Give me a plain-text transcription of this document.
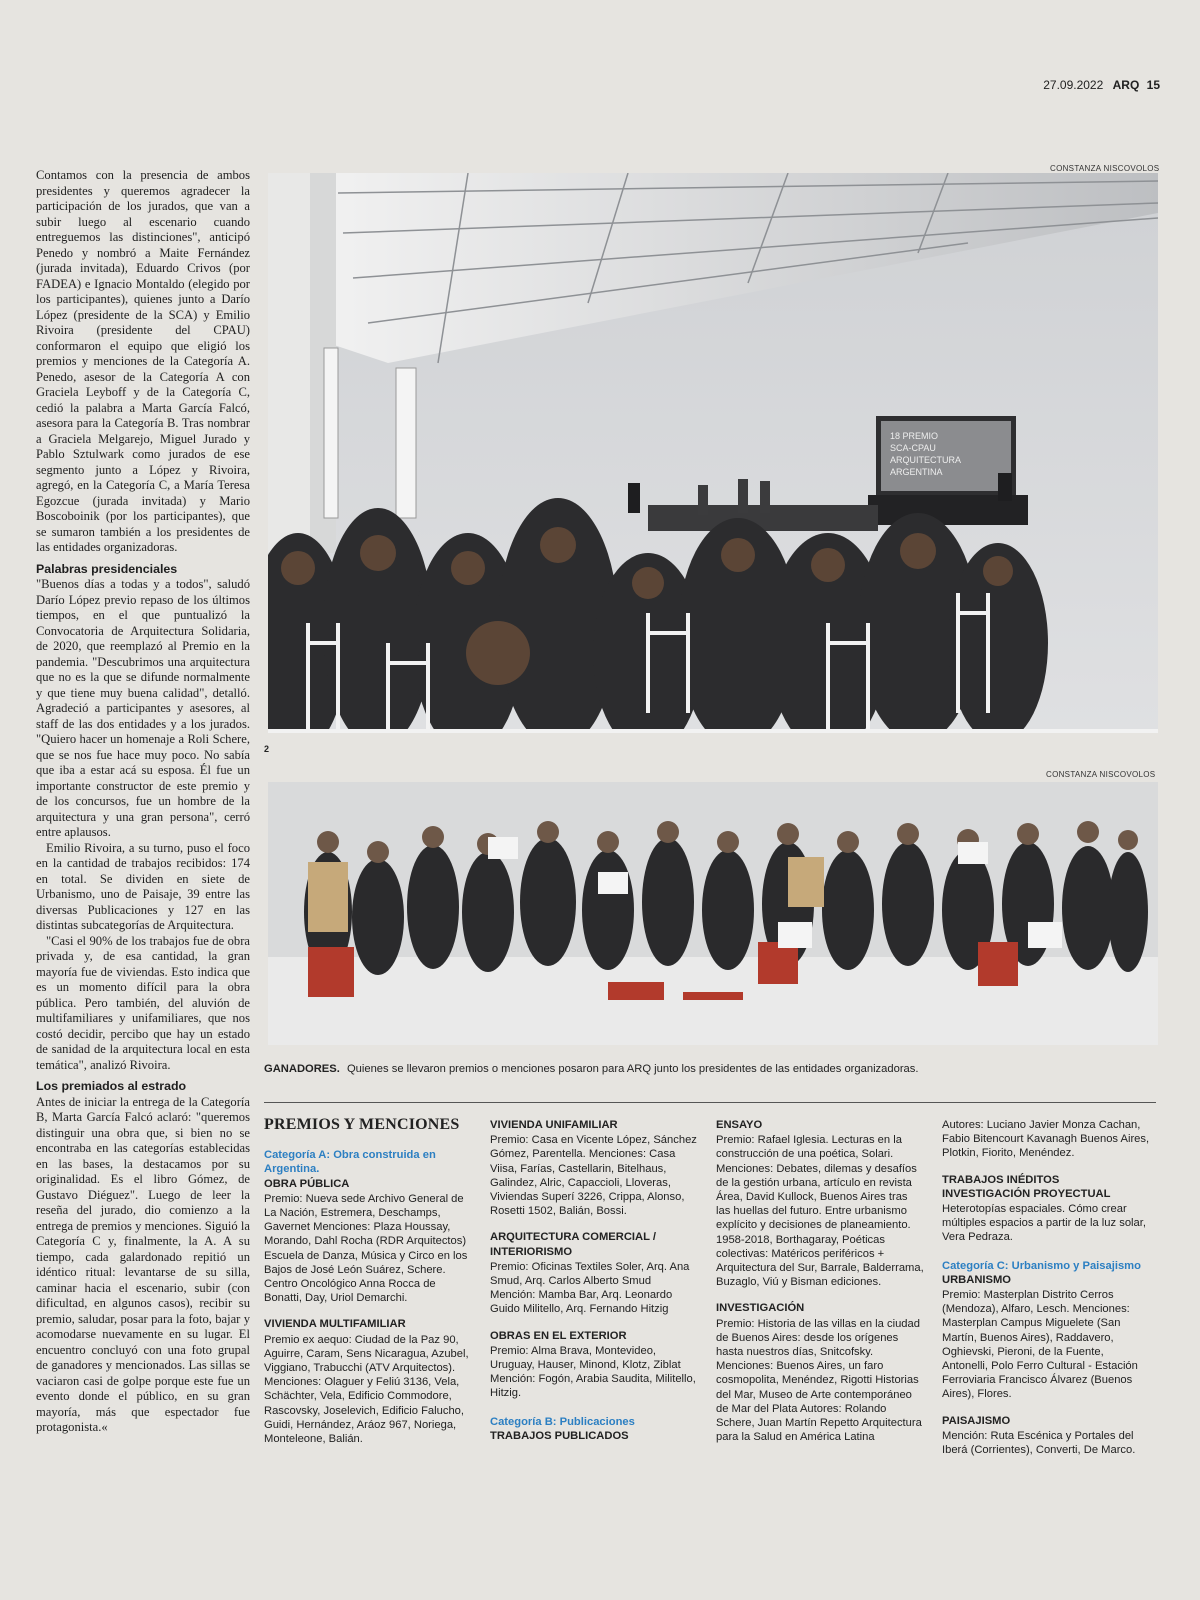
27.09.2022 ARQ 15

Contamos con la presencia de ambos presidentes y queremos agradecer la participación de los jurados, que van a subir luego al escenario cuando entreguemos las distinciones", anticipó Penedo y nombró a Maite Fernández (jurada invitada), Eduardo Crivos (por FADEA) e Ignacio Montaldo (elegido por los participantes), quienes junto a Darío López (presidente de la SCA) y Emilio Rivoira (presidente del CPAU) conformaron el equipo que eligió los premios y menciones de la Categoría A. Penedo, asesor de la Categoría A con Graciela Leyboff y de la Categoría C, cedió la palabra a Marta García Falcó, asesora para la Categoría B. Tras nombrar a Graciela Melgarejo, Miguel Jurado y Pablo Sztulwark como jurados de ese segmento junto a López y Rivoira, agregó, en la Categoría C, a María Teresa Egozcue (jurada invitada) y Mario Boscoboinik (por los participantes), que se sumaron también a los presidentes de las entidades organizadoras.

Palabras presidenciales

"Buenos días a todas y a todos", saludó Darío López previo repaso de los últimos tiempos, en el que puntualizó la Convocatoria de Arquitectura Solidaria, de 2020, que reemplazó al Premio en la pandemia. "Descubrimos una arquitectura que no es la que se difunde normalmente y que tiene muy buena calidad", detalló. Agradeció a participantes y asesores, al staff de las dos entidades y a los jurados. "Quiero hacer un homenaje a Roli Schere, que se nos fue hace muy poco. No sabía que iba a estar acá su esposa. Él fue un importante constructor de este premio y de los concursos, fue un hombre de la arquitectura y una gran persona", cerró entre aplausos.

Emilio Rivoira, a su turno, puso el foco en la cantidad de trabajos recibidos: 174 en total. Se dividen en siete de Urbanismo, uno de Paisaje, 39 entre las diversas Publicaciones y 127 en las distintas subcategorías de Arquitectura.

"Casi el 90% de los trabajos fue de obra privada y, de esa cantidad, la gran mayoría fue de viviendas. Esto indica que es un momento difícil para la obra pública. Pero también, del aluvión de multifamiliares y unifamiliares, que nos costó decidir, percibo que hay un estado de sanidad de la arquitectura local en esta temática", analizó Rivoira.

Los premiados al estrado

Antes de iniciar la entrega de la Categoría B, Marta García Falcó aclaró: "queremos distinguir una obra que, si bien no se encontraba en las categorías establecidas en las bases, la destacamos por su originalidad. Es el libro Gómez, de Gustavo Diéguez". Luego de leer la reseña del jurado, dio comienzo a la entrega de premios y menciones. Siguió la Categoría C y, finalmente, la A. A su tiempo, cada galardonado repitió un idéntico ritual: levantarse de su silla, caminar hacia el escenario, subir (con dificultad, en algunos casos), recibir su premio, saludar, posar para la foto, bajar y acomodarse nuevamente en su lugar. El encuentro concluyó con una foto grupal de ganadores y mencionados. Las sillas se vaciaron casi de golpe porque este fue un evento donde el público, en su gran mayoría, más que espectador fue protagonista.«

CONSTANZA NISCOVOLOS
18 PREMIO
SCA-CPAU
ARQUITECTURA
ARGENTINA
2
CONSTANZA NISCOVOLOS
GANADORES. Quienes se llevaron premios o menciones posaron para ARQ junto los presidentes de las entidades organizadoras.
PREMIOS Y MENCIONES
Categoría A: Obra construida en Argentina.
OBRA PÚBLICA

Premio: Nueva sede Archivo General de La Nación, Estremera, Deschamps, Gavernet Menciones: Plaza Houssay, Morando, Dahl Rocha (RDR Arquitectos) Escuela de Danza, Música y Circo en los Bajos de José León Suárez, Schere. Centro Oncológico Anna Rocca de Bonatti, Day, Uriol Demarchi.

VIVIENDA MULTIFAMILIAR

Premio ex aequo: Ciudad de la Paz 90, Aguirre, Caram, Sens Nicaragua, Azubel, Viggiano, Trabucchi (ATV Arquitectos). Menciones: Olaguer y Feliú 3136, Vela, Schächter, Vela, Edificio Commodore, Rascovsky, Joselevich, Edificio Falucho, Guidi, Hernández, Aráoz 967, Noriega, Monteleone, Balián.

VIVIENDA UNIFAMILIAR

Premio: Casa en Vicente López, Sánchez Gómez, Parentella. Menciones: Casa Viisa, Farías, Castellarin, Bitelhaus, Galindez, Alric, Capaccioli, Lloveras, Viviendas Superí 3226, Crippa, Alonso, Rosetti 1502, Balián, Bossi.

ARQUITECTURA COMERCIAL / INTERIORISMO

Premio: Oficinas Textiles Soler, Arq. Ana Smud, Arq. Carlos Alberto Smud Mención: Mamba Bar, Arq. Leonardo Guido Militello, Arq. Fernando Hitzig

OBRAS EN EL EXTERIOR

Premio: Alma Brava, Montevideo, Uruguay, Hauser, Minond, Klotz, Ziblat Mención: Fogón, Arabia Saudita, Militello, Hitzig.

Categoría B: Publicaciones
TRABAJOS PUBLICADOS
ENSAYO

Premio: Rafael Iglesia. Lecturas en la construcción de una poética, Solari. Menciones: Debates, dilemas y desafíos de la gestión urbana, artículo en revista Área, David Kullock, Buenos Aires tras las huellas del futuro. Entre urbanismo explícito y decisiones de planeamiento. 1958-2018, Borthagaray, Poéticas colectivas: Matéricos periféricos + Arquitectura del Sur, Barrale, Balderrama, Buzaglo, Viú y Bisman ediciones.

INVESTIGACIÓN

Premio: Historia de las villas en la ciudad de Buenos Aires: desde los orígenes hasta nuestros días, Snitcofsky. Menciones: Buenos Aires, un faro cosmopolita, Menéndez, Rigotti Historias del Mar, Museo de Arte contemporáneo de Mar del Plata Autores: Rolando Schere, Juan Martín Repetto Arquitectura para la Salud en América Latina

Autores: Luciano Javier Monza Cachan, Fabio Bitencourt Kavanagh Buenos Aires, Plotkin, Fiorito, Menéndez.

TRABAJOS INÉDITOS INVESTIGACIÓN PROYECTUAL

Heterotopías espaciales. Cómo crear múltiples espacios a partir de la luz solar, Vera Pedraza.

Categoría C: Urbanismo y Paisajismo
URBANISMO

Premio: Masterplan Distrito Cerros (Mendoza), Alfaro, Lesch. Menciones: Masterplan Campus Miguelete (San Martín, Buenos Aires), Raddavero, Oghievski, Pieroni, de la Fuente, Antonelli, Polo Ferro Cultural - Estación Ferroviaria Francisco Álvarez (Buenos Aires), Flores.

PAISAJISMO

Mención: Ruta Escénica y Portales del Iberá (Corrientes), Converti, De Marco.
